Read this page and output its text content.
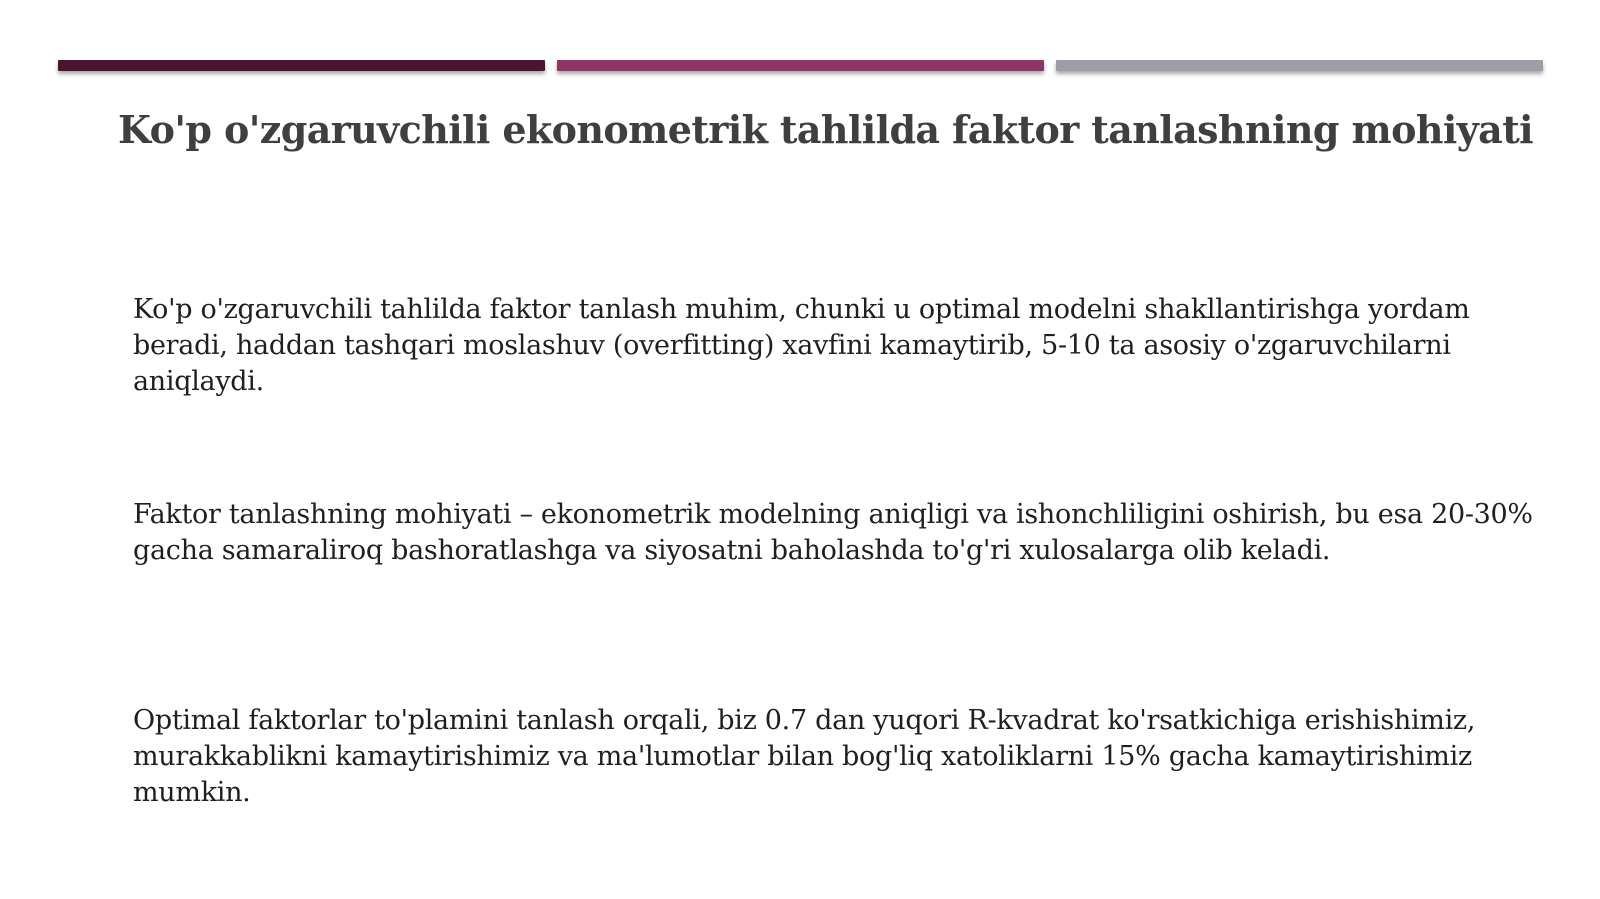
Ko'p o'zgaruvchili ekonometrik tahlilda faktor tanlashning mohiyati

Ko'p o'zgaruvchili tahlilda faktor tanlash muhim, chunki u optimal modelni shakllantirishga yordam beradi, haddan tashqari moslashuv (overfitting) xavfini kamaytirib, 5-10 ta asosiy o'zgaruvchilarni aniqlaydi.

Faktor tanlashning mohiyati – ekonometrik modelning aniqligi va ishonchliligini oshirish, bu esa 20-30% gacha samaraliroq bashoratlashga va siyosatni baholashda to'g'ri xulosalarga olib keladi.

Optimal faktorlar to'plamini tanlash orqali, biz 0.7 dan yuqori R-kvadrat ko'rsatkichiga erishishimiz, murakkablikni kamaytirishimiz va ma'lumotlar bilan bog'liq xatoliklarni 15% gacha kamaytirishimiz mumkin.
